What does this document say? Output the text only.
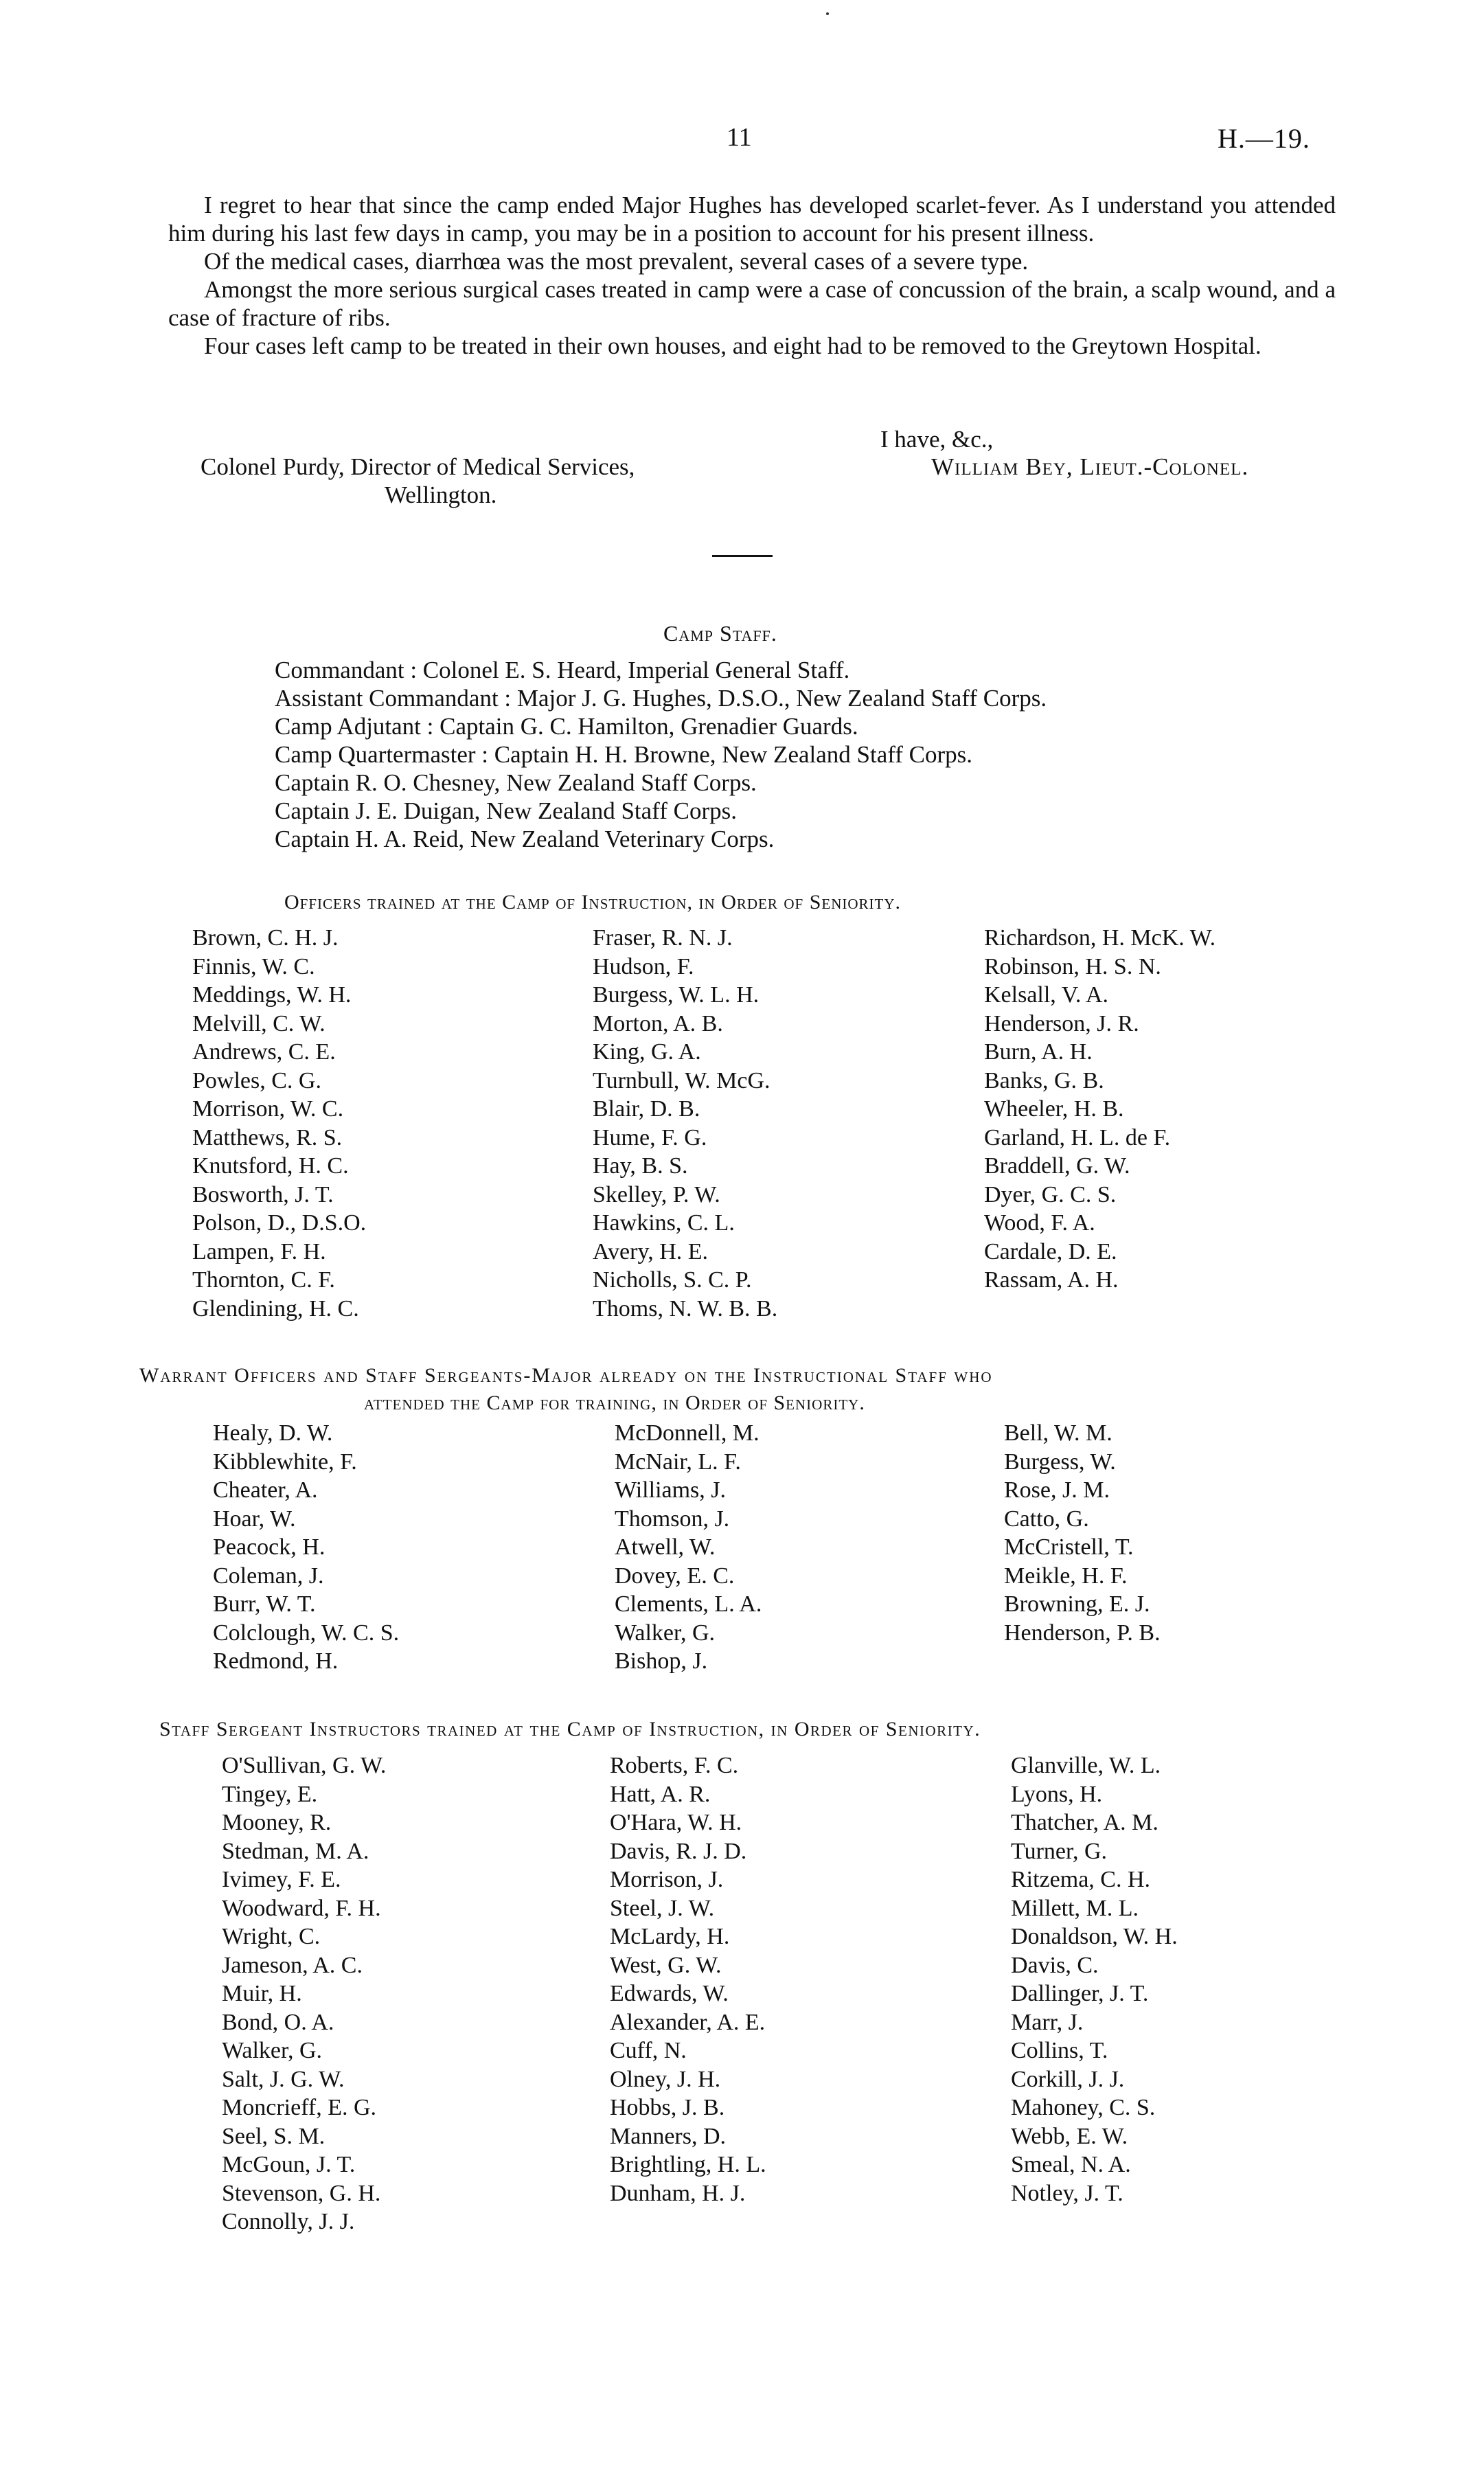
11	H.—19.

I regret to hear that since the camp ended Major Hughes has developed scarlet-fever. As I understand you attended him during his last few days in camp, you may be in a position to account for his present illness.

Of the medical cases, diarrhœa was the most prevalent, several cases of a severe type.

Amongst the more serious surgical cases treated in camp were a case of concussion of the brain, a scalp wound, and a case of fracture of ribs.

Four cases left camp to be treated in their own houses, and eight had to be removed to the Greytown Hospital.

I have, &c.,
Colonel Purdy, Director of Medical Services,	William Bey, Lieut.-Colonel.
Wellington.
Camp Staff.
Commandant : Colonel E. S. Heard, Imperial General Staff.
Assistant Commandant : Major J. G. Hughes, D.S.O., New Zealand Staff Corps.
Camp Adjutant : Captain G. C. Hamilton, Grenadier Guards.
Camp Quartermaster : Captain H. H. Browne, New Zealand Staff Corps.
Captain R. O. Chesney, New Zealand Staff Corps.
Captain J. E. Duigan, New Zealand Staff Corps.
Captain H. A. Reid, New Zealand Veterinary Corps.
Officers trained at the Camp of Instruction, in Order of Seniority.
Brown, C. H. J.
Finnis, W. C.
Meddings, W. H.
Melvill, C. W.
Andrews, C. E.
Powles, C. G.
Morrison, W. C.
Matthews, R. S.
Knutsford, H. C.
Bosworth, J. T.
Polson, D., D.S.O.
Lampen, F. H.
Thornton, C. F.
Glendining, H. C.
Fraser, R. N. J.
Hudson, F.
Burgess, W. L. H.
Morton, A. B.
King, G. A.
Turnbull, W. McG.
Blair, D. B.
Hume, F. G.
Hay, B. S.
Skelley, P. W.
Hawkins, C. L.
Avery, H. E.
Nicholls, S. C. P.
Thoms, N. W. B. B.
Richardson, H. McK. W.
Robinson, H. S. N.
Kelsall, V. A.
Henderson, J. R.
Burn, A. H.
Banks, G. B.
Wheeler, H. B.
Garland, H. L. de F.
Braddell, G. W.
Dyer, G. C. S.
Wood, F. A.
Cardale, D. E.
Rassam, A. H.
Warrant Officers and Staff Sergeants-Major already on the Instructional Staff who
attended the Camp for training, in Order of Seniority.
Healy, D. W.
Kibblewhite, F.
Cheater, A.
Hoar, W.
Peacock, H.
Coleman, J.
Burr, W. T.
Colclough, W. C. S.
Redmond, H.
McDonnell, M.
McNair, L. F.
Williams, J.
Thomson, J.
Atwell, W.
Dovey, E. C.
Clements, L. A.
Walker, G.
Bishop, J.
Bell, W. M.
Burgess, W.
Rose, J. M.
Catto, G.
McCristell, T.
Meikle, H. F.
Browning, E. J.
Henderson, P. B.
Staff Sergeant Instructors trained at the Camp of Instruction, in Order of Seniority.
O'Sullivan, G. W.
Tingey, E.
Mooney, R.
Stedman, M. A.
Ivimey, F. E.
Woodward, F. H.
Wright, C.
Jameson, A. C.
Muir, H.
Bond, O. A.
Walker, G.
Salt, J. G. W.
Moncrieff, E. G.
Seel, S. M.
McGoun, J. T.
Stevenson, G. H.
Connolly, J. J.
Roberts, F. C.
Hatt, A. R.
O'Hara, W. H.
Davis, R. J. D.
Morrison, J.
Steel, J. W.
McLardy, H.
West, G. W.
Edwards, W.
Alexander, A. E.
Cuff, N.
Olney, J. H.
Hobbs, J. B.
Manners, D.
Brightling, H. L.
Dunham, H. J.
Glanville, W. L.
Lyons, H.
Thatcher, A. M.
Turner, G.
Ritzema, C. H.
Millett, M. L.
Donaldson, W. H.
Davis, C.
Dallinger, J. T.
Marr, J.
Collins, T.
Corkill, J. J.
Mahoney, C. S.
Webb, E. W.
Smeal, N. A.
Notley, J. T.
